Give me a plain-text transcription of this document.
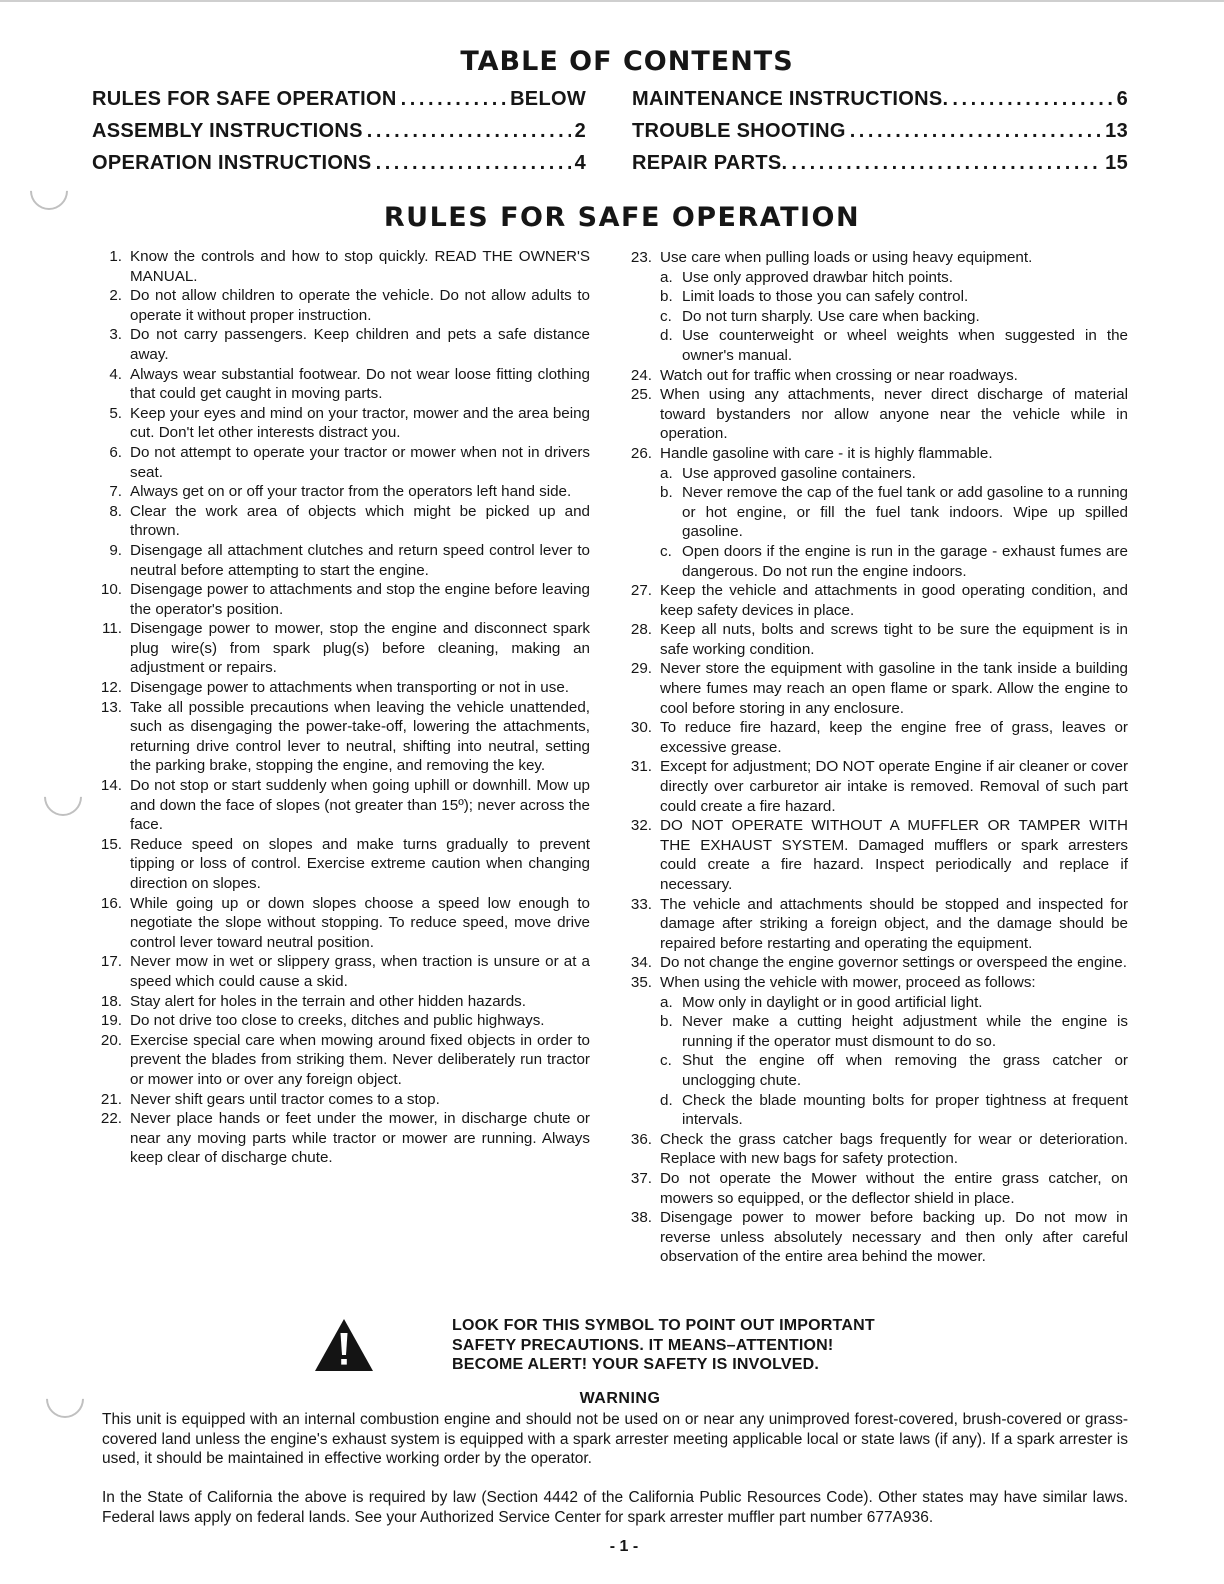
TABLE OF CONTENTS
RULES FOR SAFE OPERATION . . .	BELOW
ASSEMBLY INSTRUCTIONS . . .	2
OPERATION INSTRUCTIONS . . .	4
MAINTENANCE INSTRUCTIONS. . . .	6
TROUBLE SHOOTING . . .	13
REPAIR PARTS. . . .	15
RULES FOR SAFE OPERATION
1. Know the controls and how to stop quickly. READ THE OWNER'S MANUAL.
2. Do not allow children to operate the vehicle. Do not allow adults to operate it without proper instruction.
3. Do not carry passengers. Keep children and pets a safe distance away.
4. Always wear substantial footwear. Do not wear loose fitting clothing that could get caught in moving parts.
5. Keep your eyes and mind on your tractor, mower and the area being cut. Don't let other interests distract you.
6. Do not attempt to operate your tractor or mower when not in drivers seat.
7. Always get on or off your tractor from the operators left hand side.
8. Clear the work area of objects which might be picked up and thrown.
9. Disengage all attachment clutches and return speed control lever to neutral before attempting to start the engine.
10. Disengage power to attachments and stop the engine before leaving the operator's position.
11. Disengage power to mower, stop the engine and disconnect spark plug wire(s) from spark plug(s) before cleaning, making an adjustment or repairs.
12. Disengage power to attachments when transporting or not in use.
13. Take all possible precautions when leaving the vehicle unattended, such as disengaging the power-take-off, lowering the attachments, returning drive control lever to neutral, shifting into neutral, setting the parking brake, stopping the engine, and removing the key.
14. Do not stop or start suddenly when going uphill or downhill. Mow up and down the face of slopes (not greater than 15º); never across the face.
15. Reduce speed on slopes and make turns gradually to prevent tipping or loss of control. Exercise extreme caution when changing direction on slopes.
16. While going up or down slopes choose a speed low enough to negotiate the slope without stopping. To reduce speed, move drive control lever toward neutral position.
17. Never mow in wet or slippery grass, when traction is unsure or at a speed which could cause a skid.
18. Stay alert for holes in the terrain and other hidden hazards.
19. Do not drive too close to creeks, ditches and public highways.
20. Exercise special care when mowing around fixed objects in order to prevent the blades from striking them. Never deliberately run tractor or mower into or over any foreign object.
21. Never shift gears until tractor comes to a stop.
22. Never place hands or feet under the mower, in discharge chute or near any moving parts while tractor or mower are running. Always keep clear of discharge chute.
23. Use care when pulling loads or using heavy equipment.
a. Use only approved drawbar hitch points.
b. Limit loads to those you can safely control.
c. Do not turn sharply. Use care when backing.
d. Use counterweight or wheel weights when suggested in the owner's manual.
24. Watch out for traffic when crossing or near roadways.
25. When using any attachments, never direct discharge of material toward bystanders nor allow anyone near the vehicle while in operation.
26. Handle gasoline with care - it is highly flammable.
a. Use approved gasoline containers.
b. Never remove the cap of the fuel tank or add gasoline to a running or hot engine, or fill the fuel tank indoors. Wipe up spilled gasoline.
c. Open doors if the engine is run in the garage - exhaust fumes are dangerous. Do not run the engine indoors.
27. Keep the vehicle and attachments in good operating condition, and keep safety devices in place.
28. Keep all nuts, bolts and screws tight to be sure the equipment is in safe working condition.
29. Never store the equipment with gasoline in the tank inside a building where fumes may reach an open flame or spark. Allow the engine to cool before storing in any enclosure.
30. To reduce fire hazard, keep the engine free of grass, leaves or excessive grease.
31. Except for adjustment; DO NOT operate Engine if air cleaner or cover directly over carburetor air intake is removed. Removal of such part could create a fire hazard.
32. DO NOT OPERATE WITHOUT A MUFFLER OR TAMPER WITH THE EXHAUST SYSTEM. Damaged mufflers or spark arresters could create a fire hazard. Inspect periodically and replace if necessary.
33. The vehicle and attachments should be stopped and inspected for damage after striking a foreign object, and the damage should be repaired before restarting and operating the equipment.
34. Do not change the engine governor settings or overspeed the engine.
35. When using the vehicle with mower, proceed as follows:
a. Mow only in daylight or in good artificial light.
b. Never make a cutting height adjustment while the engine is running if the operator must dismount to do so.
c. Shut the engine off when removing the grass catcher or unclogging chute.
d. Check the blade mounting bolts for proper tightness at frequent intervals.
36. Check the grass catcher bags frequently for wear or deterioration. Replace with new bags for safety protection.
37. Do not operate the Mower without the entire grass catcher, on mowers so equipped, or the deflector shield in place.
38. Disengage power to mower before backing up. Do not mow in reverse unless absolutely necessary and then only after careful observation of the entire area behind the mower.
LOOK FOR THIS SYMBOL TO POINT OUT IMPORTANT
SAFETY PRECAUTIONS. IT MEANS–ATTENTION!
BECOME ALERT! YOUR SAFETY IS INVOLVED.
WARNING
This unit is equipped with an internal combustion engine and should not be used on or near any unimproved forest-covered, brush-covered or grass-covered land unless the engine's exhaust system is equipped with a spark arrester meeting applicable local or state laws (if any). If a spark arrester is used, it should be maintained in effective working order by the operator.
In the State of California the above is required by law (Section 4442 of the California Public Resources Code). Other states may have similar laws. Federal laws apply on federal lands. See your Authorized Service Center for spark arrester muffler part number 677A936.
- 1 -
